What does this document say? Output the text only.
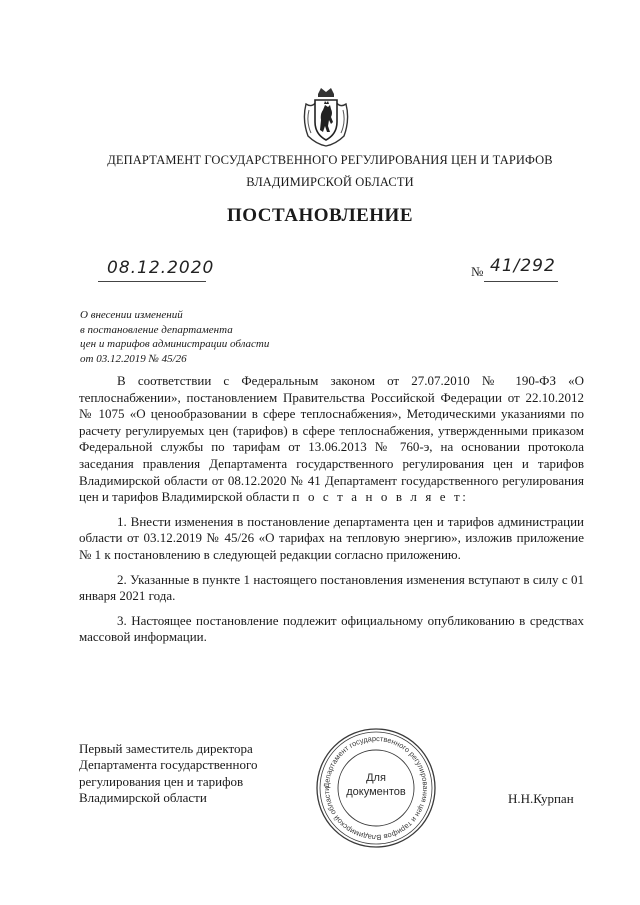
ДЕПАРТАМЕНТ ГОСУДАРСТВЕННОГО РЕГУЛИРОВАНИЯ ЦЕН И ТАРИФОВ
ВЛАДИМИРСКОЙ ОБЛАСТИ
ПОСТАНОВЛЕНИЕ
08.12.2020	№ 41/292
О внесении изменений
в постановление департамента
цен и тарифов администрации области
от 03.12.2019 № 45/26

В соответствии с Федеральным законом от 27.07.2010 № 190-ФЗ «О теплоснабжении», постановлением Правительства Российской Федерации от 22.10.2012 № 1075 «О ценообразовании в сфере теплоснабжения», Методическими указаниями по расчету регулируемых цен (тарифов) в сфере теплоснабжения, утвержденными приказом Федеральной службы по тарифам от 13.06.2013 № 760-э, на основании протокола заседания правления Департамента государственного регулирования цен и тарифов Владимирской области от 08.12.2020 № 41 Департамент государственного регулирования цен и тарифов Владимирской области п о с т а н о в л я е т:

1. Внести изменения в постановление департамента цен и тарифов администрации области от 03.12.2019 № 45/26 «О тарифах на тепловую энергию», изложив приложение № 1 к постановлению в следующей редакции согласно приложению.

2. Указанные в пункте 1 настоящего постановления изменения вступают в силу с 01 января 2021 года.

3. Настоящее постановление подлежит официальному опубликованию в средствах массовой информации.

Первый заместитель директора
Департамента государственного
регулирования цен и тарифов
Владимирской области
Департамент государственного регулирования цен и тарифов Владимирской области
Для
документов	Н.Н.Курпан
